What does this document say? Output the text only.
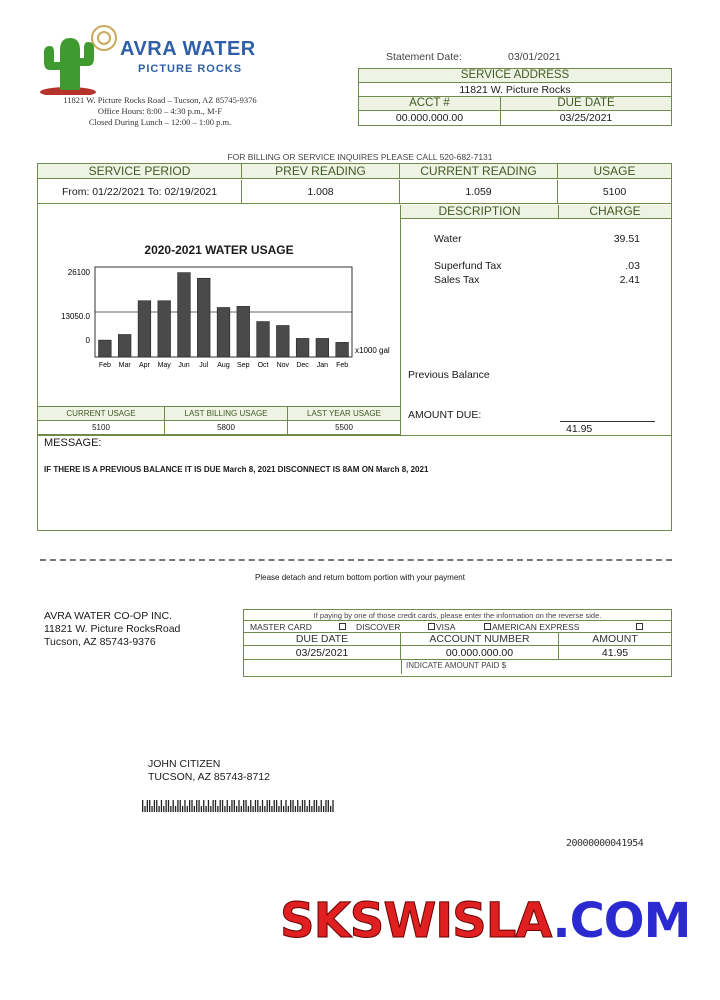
AVRA WATER
PICTURE ROCKS
11821 W. Picture Rocks Road – Tucson, AZ 85745-9376
Office Hours: 8:00 – 4:30 p.m., M-F
Closed During Lunch – 12:00 – 1:00 p.m.
Statement Date:	03/01/2021
SERVICE ADDRESS
11821 W. Picture Rocks
ACCT #	DUE DATE
00.000.000.00	03/25/2021
FOR BILLING OR SERVICE INQUIRES PLEASE CALL 520-682-7131
SERVICE PERIOD	PREV READING	CURRENT READING	USAGE
From: 01/22/2021 To: 02/19/2021	1.008	1.059	5100
DESCRIPTION	CHARGE
Water	39.51
Superfund Tax	.03
Sales Tax	2.41
Previous Balance
AMOUNT DUE:
41.95
2020-2021 WATER USAGE
26100
13050.0
0
Feb Mar Apr May Jun Jul Aug Sep Oct Nov Dec Jan Feb
x1000 gal
CURRENT USAGE	LAST BILLING USAGE	LAST YEAR USAGE
5100	5800	5500
MESSAGE:
IF THERE IS A PREVIOUS BALANCE IT IS DUE March 8, 2021 DISCONNECT IS 8AM ON March 8, 2021
Please detach and return bottom portion with your payment
AVRA WATER CO-OP INC.
11821 W. Picture RocksRoad
Tucson, AZ 85743-9376
If paying by one of those credit cards, please enter the information on the reverse side.
MASTER CARD	DISCOVER	VISA	AMERICAN EXPRESS
DUE DATE	ACCOUNT NUMBER	AMOUNT
03/25/2021	00.000.000.00	41.95
INDICATE AMOUNT PAID $
JOHN CITIZEN
TUCSON, AZ 85743-8712
20000000041954
SKSWISLA.COM
